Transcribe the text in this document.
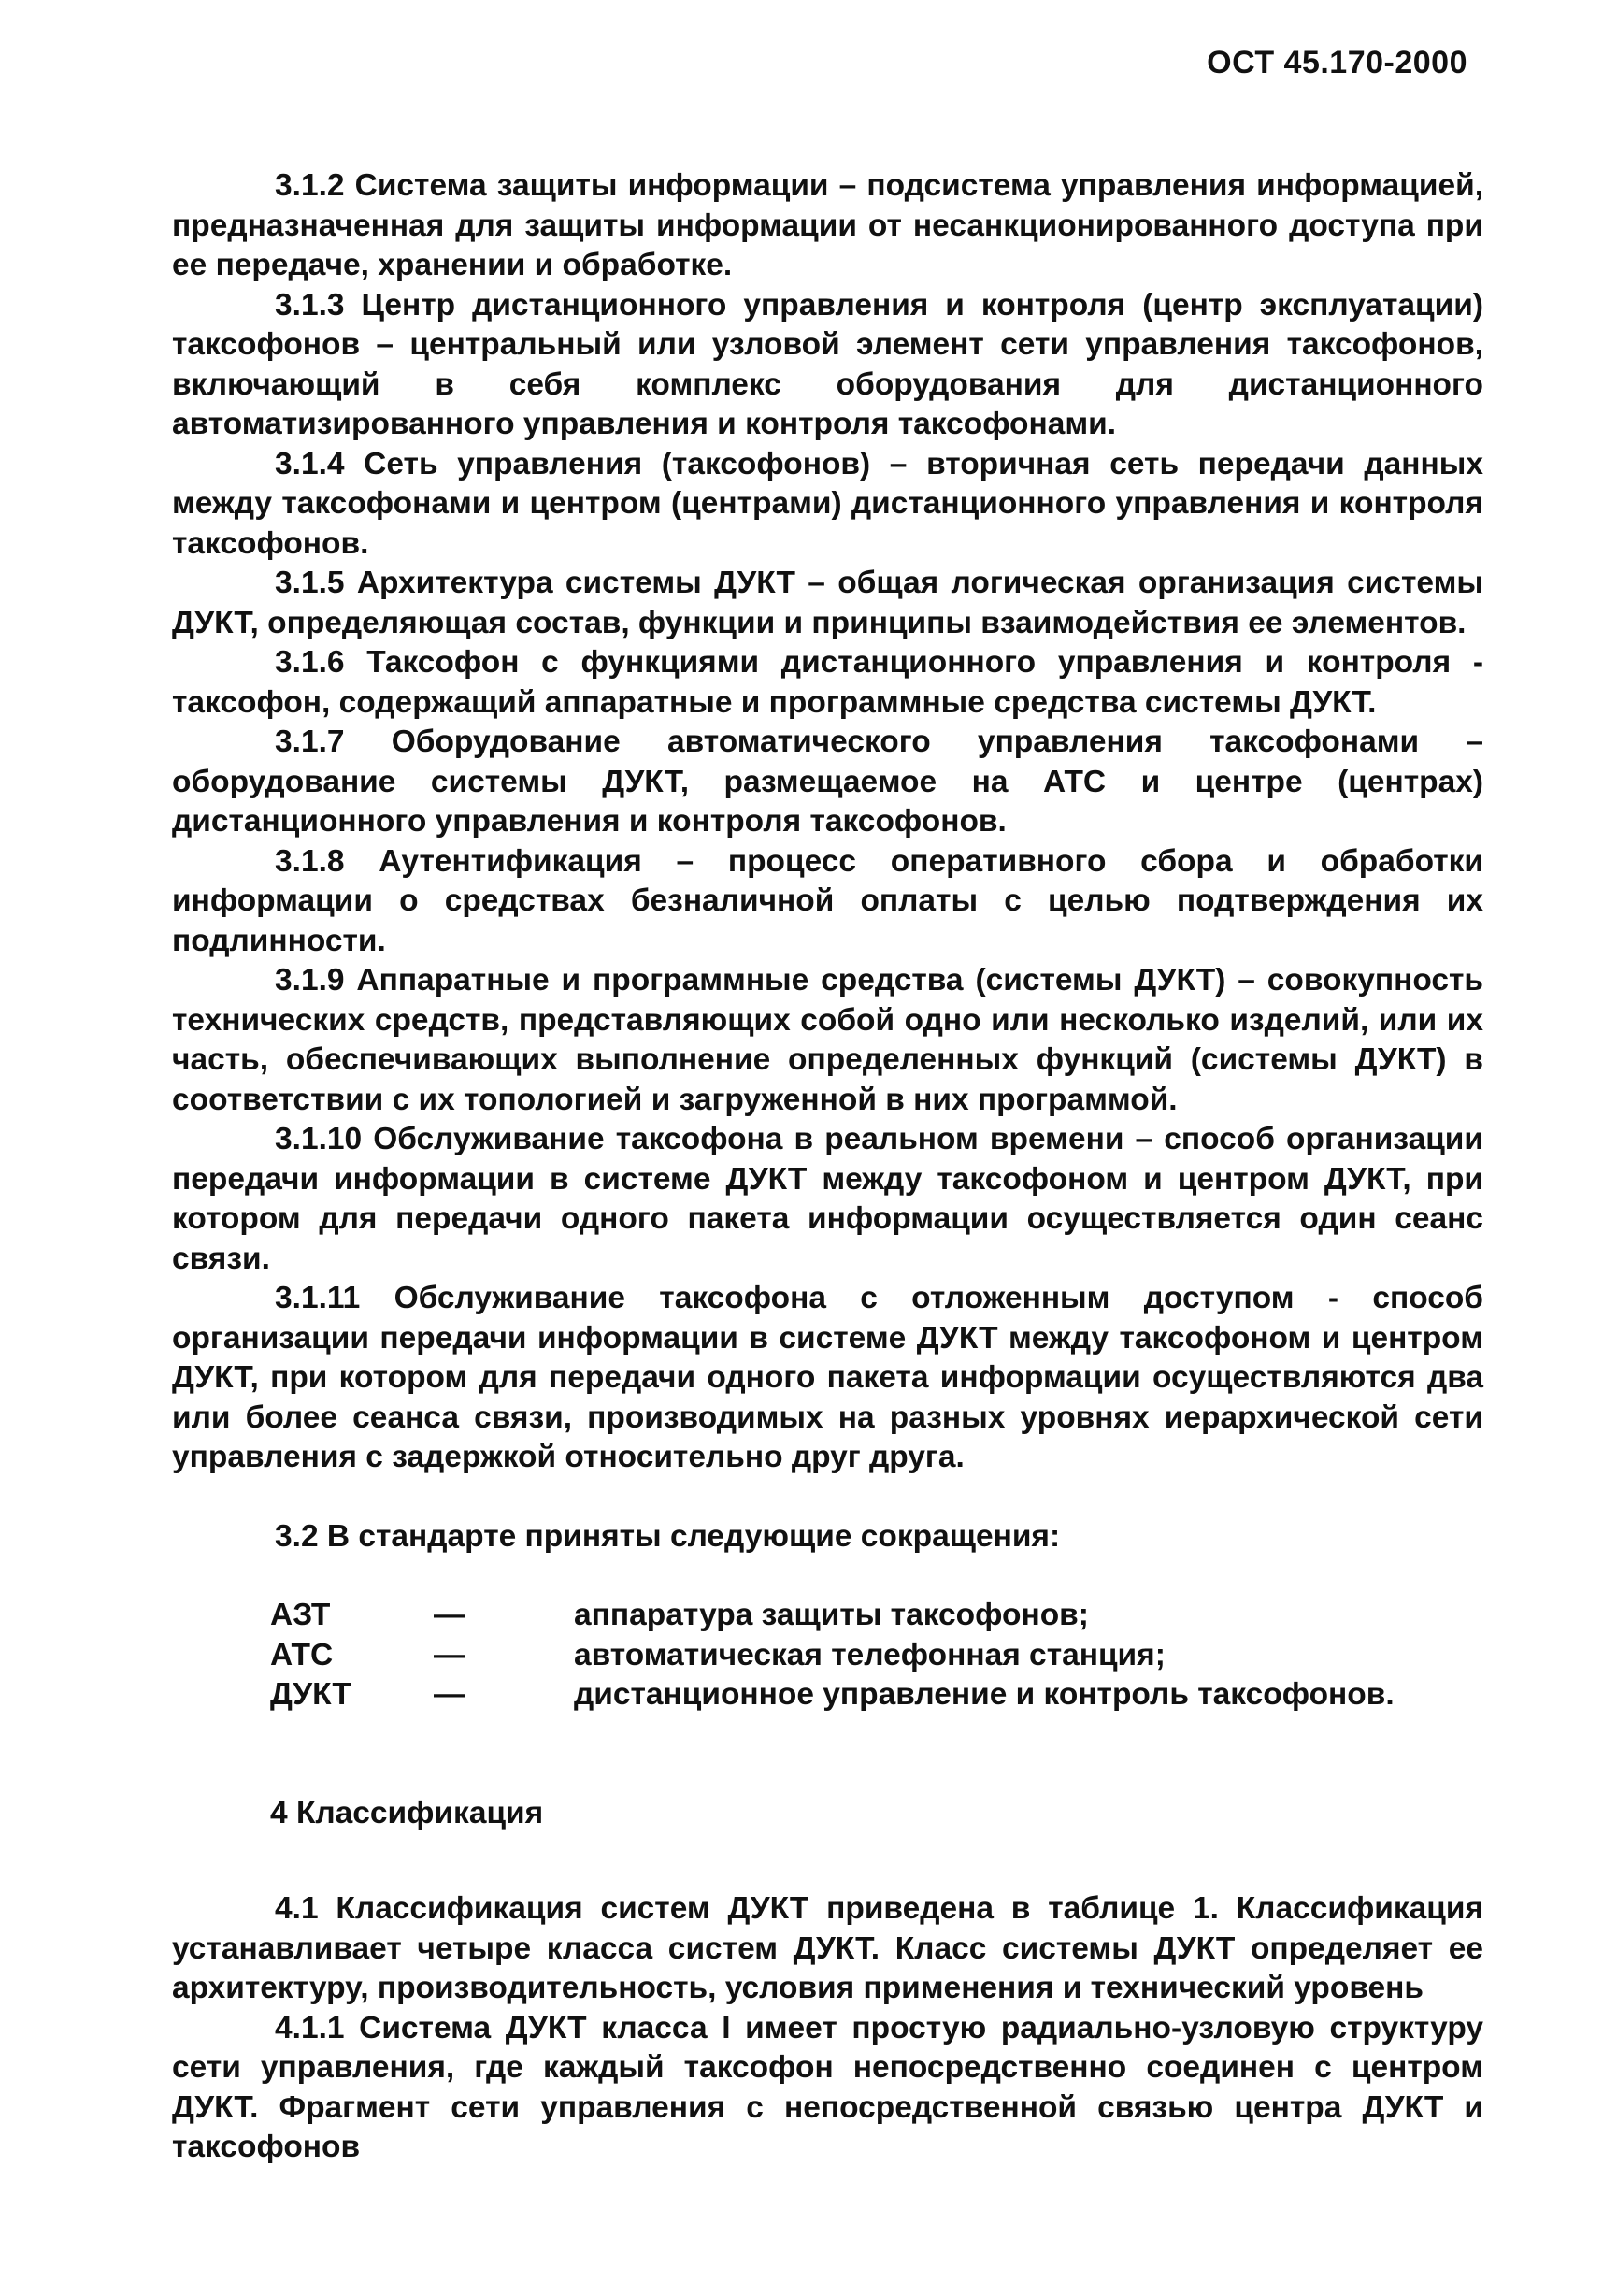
ОСТ 45.170-2000

3.1.2 Система защиты информации – подсистема управления информацией, предназначенная для защиты информации от несанкционированного доступа при ее передаче, хранении и обработке.

3.1.3 Центр дистанционного управления и контроля (центр эксплуатации) таксофонов – центральный или узловой элемент сети управления таксофонов, включающий в себя комплекс оборудования для дистанционного автоматизированного управления и контроля таксофонами.

3.1.4 Сеть управления (таксофонов) – вторичная сеть передачи данных между таксофонами и центром (центрами) дистанционного управления и контроля таксофонов.

3.1.5 Архитектура системы ДУКТ – общая логическая организация системы ДУКТ, определяющая состав, функции и принципы взаимодействия ее элементов.

3.1.6 Таксофон с функциями дистанционного управления и контроля - таксофон, содержащий аппаратные и программные средства системы ДУКТ.

3.1.7 Оборудование автоматического управления таксофонами – оборудование системы ДУКТ, размещаемое на АТС и центре (центрах) дистанционного управления и контроля таксофонов.

3.1.8 Аутентификация – процесс оперативного сбора и обработки информации о средствах безналичной оплаты с целью подтверждения их подлинности.

3.1.9 Аппаратные и программные средства (системы ДУКТ) – совокупность технических средств, представляющих собой одно или несколько изделий, или их часть, обеспечивающих выполнение определенных функций (системы ДУКТ) в соответствии с их топологией и загруженной в них программой.

3.1.10 Обслуживание таксофона в реальном времени – способ организации передачи информации в системе ДУКТ между таксофоном и центром ДУКТ, при котором для передачи одного пакета информации осуществляется один сеанс связи.

3.1.11 Обслуживание таксофона с отложенным доступом - способ организации передачи информации в системе ДУКТ между таксофоном и центром ДУКТ, при котором для передачи одного пакета информации осуществляются два или более сеанса связи, производимых на разных уровнях иерархической сети управления с задержкой относительно друг друга.

3.2 В стандарте приняты следующие сокращения:

АЗТ	—	аппаратура защиты таксофонов;
АТС	—	автоматическая телефонная станция;
ДУКТ	—	дистанционное управление и контроль таксофонов.
4 Классификация

4.1 Классификация систем ДУКТ приведена в таблице 1. Классификация устанавливает четыре класса систем ДУКТ. Класс системы ДУКТ определяет ее архитектуру, производительность, условия применения и технический уровень

4.1.1 Система ДУКТ класса I имеет простую радиально-узловую структуру сети управления, где каждый таксофон непосредственно соединен с центром ДУКТ. Фрагмент сети управления с непосредственной связью центра ДУКТ и таксофонов
